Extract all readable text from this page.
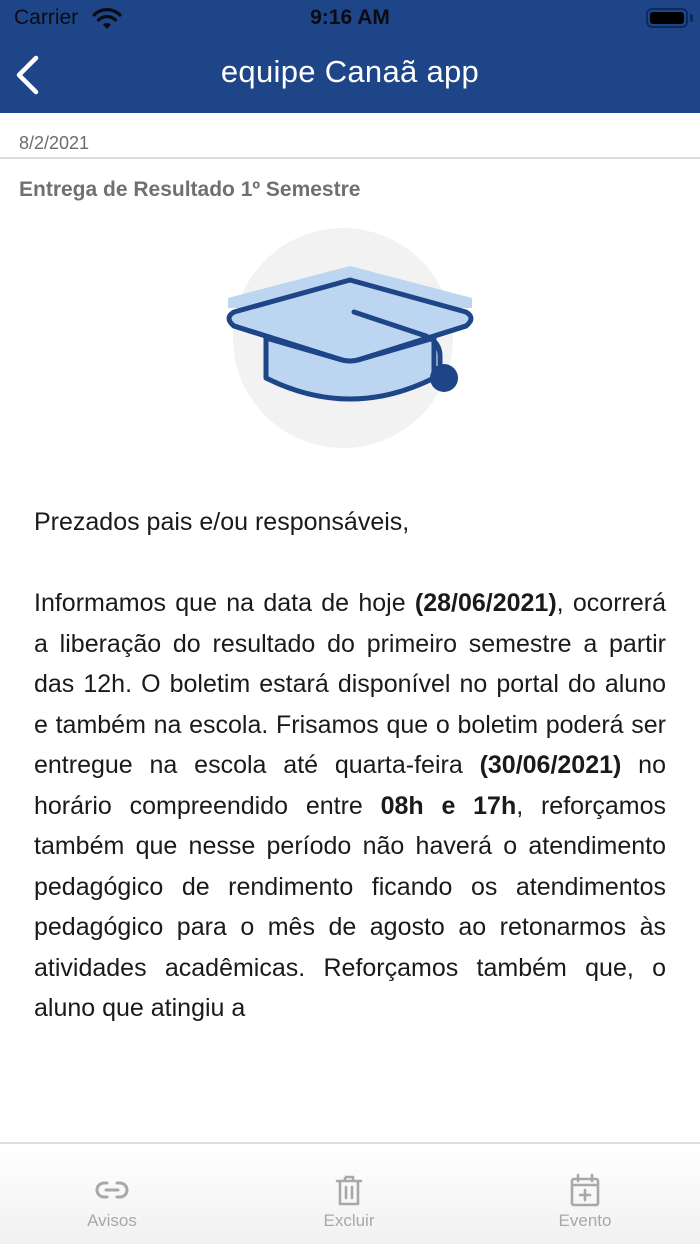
Carrier	9:16 AM
equipe Canaã app
8/2/2021
Entrega de Resultado 1º Semestre

Prezados pais e/ou responsáveis,

Informamos que na data de hoje (28/06/2021), ocorrerá a liberação do resultado do primeiro semestre a partir das 12h. O boletim estará disponível no portal do aluno e também na escola. Frisamos que o boletim poderá ser entregue na escola até quarta-feira (30/06/2021) no horário compreendido entre 08h e 17h, reforçamos também que nesse período não haverá o atendimento pedagógico de rendimento ficando os atendimentos pedagógico para o mês de agosto ao retonarmos às atividades acadêmicas. Reforçamos também que, o aluno que atingiu a
Avisos	Excluir	Evento
